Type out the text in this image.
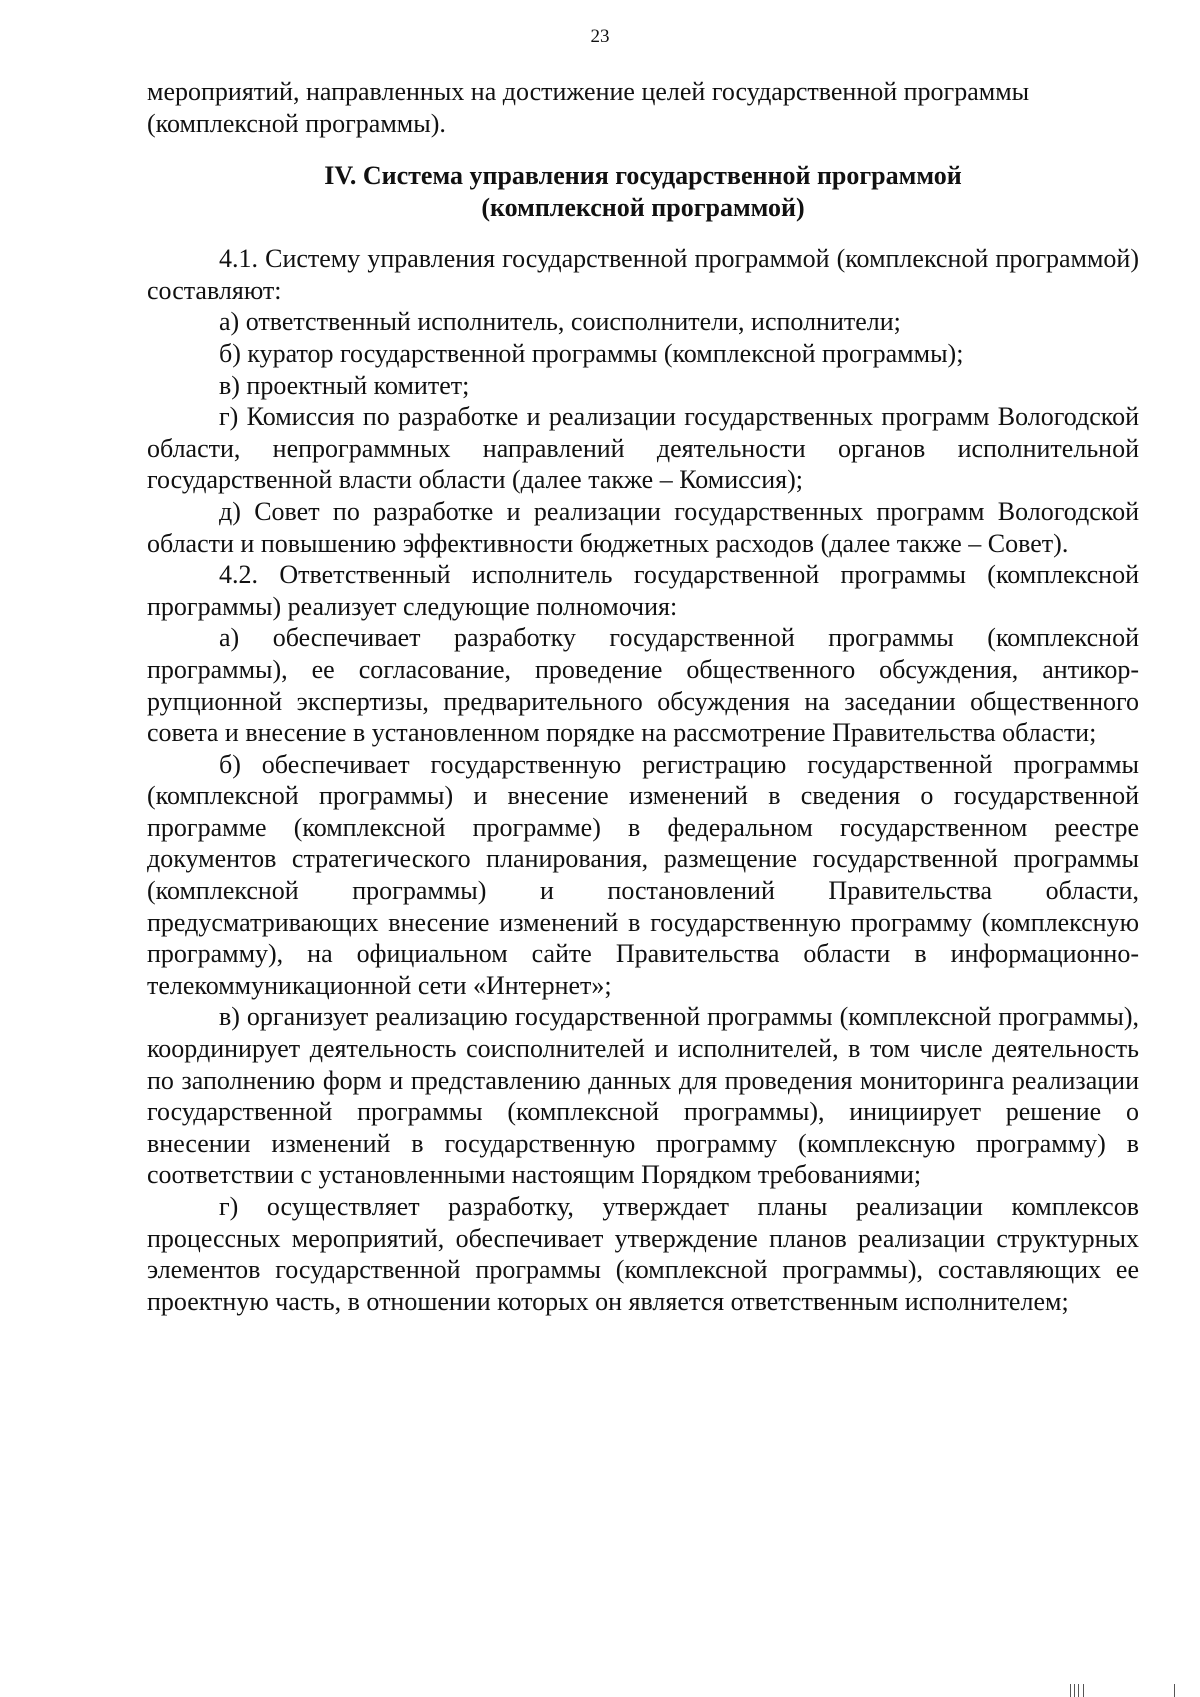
23

мероприятий, направленных на достижение целей государственной программы

(комплексной программы).

IV. Система управления государственной программой
(комплексной программой)

4.1. Систему управления государственной программой (комплексной программой) составляют:

а) ответственный исполнитель, соисполнители, исполнители;

б) куратор государственной программы (комплексной программы);

в) проектный комитет;

г) Комиссия по разработке и реализации государственных программ Вологодской области, непрограммных направлений деятельности органов исполнительной государственной власти области (далее также – Комиссия);

д) Совет по разработке и реализации государственных программ Вологодской области и повышению эффективности бюджетных расходов (далее также – Совет).

4.2. Ответственный исполнитель государственной программы (комплексной программы) реализует следующие полномочия:

а) обеспечивает разработку государственной программы (комплексной программы), ее согласование, проведение общественного обсуждения, антикоррупционной экспертизы, предварительного обсуждения на заседании общественного совета и внесение в установленном порядке на рассмотрение Правительства области;

б) обеспечивает государственную регистрацию государственной программы (комплексной программы) и внесение изменений в сведения о государственной программе (комплексной программе) в федеральном государственном реестре документов стратегического планирования, размещение государственной программы (комплексной программы) и постановлений Правительства области, предусматривающих внесение изменений в государственную программу (комплексную программу), на официальном сайте Правительства области в информационно-телекоммуникационной сети «Интернет»;

в) организует реализацию государственной программы (комплексной программы), координирует деятельность соисполнителей и исполнителей, в том числе деятельность по заполнению форм и представлению данных для проведения мониторинга реализации государственной программы (комплексной программы), инициирует решение о внесении изменений в государственную программу (комплексную программу) в соответствии с установленными настоящим Порядком требованиями;

г) осуществляет разработку, утверждает планы реализации комплексов процессных мероприятий, обеспечивает утверждение планов реализации структурных элементов государственной программы (комплексной программы), составляющих ее проектную часть, в отношении которых он является ответственным исполнителем;
